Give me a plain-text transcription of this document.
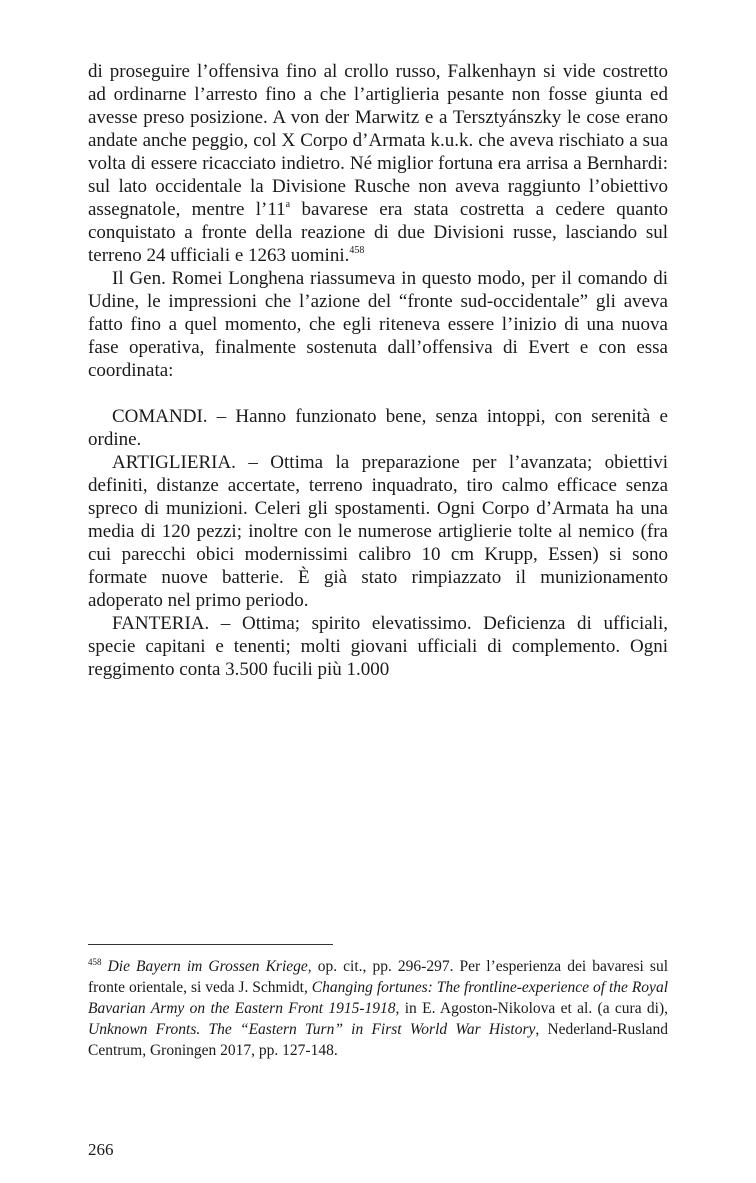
di proseguire l’offensiva fino al crollo russo, Falkenhayn si vide costretto ad ordinarne l’arresto fino a che l’artiglieria pesante non fosse giunta ed avesse preso posizione. A von der Marwitz e a Tersztyánszky le cose erano andate anche peggio, col X Corpo d’Armata k.u.k. che aveva rischiato a sua volta di essere ricacciato indietro. Né miglior fortuna era arrisa a Bernhardi: sul lato occidentale la Divisione Rusche non aveva raggiunto l’obiettivo assegnatole, mentre l’11$^a$ bavarese era stata costretta a cedere quanto conquistato a fronte della reazione di due Divisioni russe, lasciando sul terreno 24 ufficiali e 1263 uomini.$^{458}$

Il Gen. Romei Longhena riassumeva in questo modo, per il comando di Udine, le impressioni che l’azione del “fronte sud-occidentale” gli aveva fatto fino a quel momento, che egli riteneva essere l’inizio di una nuova fase operativa, finalmente sostenuta dall’offensiva di Evert e con essa coordinata:

COMANDI. – Hanno funzionato bene, senza intoppi, con serenità e ordine.

ARTIGLIERIA. – Ottima la preparazione per l’avanzata; obiettivi definiti, distanze accertate, terreno inquadrato, tiro calmo efficace senza spreco di munizioni. Celeri gli spostamenti. Ogni Corpo d’Armata ha una media di 120 pezzi; inoltre con le numerose artiglierie tolte al nemico (fra cui parecchi obici modernissimi calibro 10 cm Krupp, Essen) si sono formate nuove batterie. È già stato rimpiazzato il munizionamento adoperato nel primo periodo.

FANTERIA. – Ottima; spirito elevatissimo. Deficienza di ufficiali, specie capitani e tenenti; molti giovani ufficiali di complemento. Ogni reggimento conta 3.500 fucili più 1.000

$^{458}$ Die Bayern im Grossen Kriege, op. cit., pp. 296-297. Per l’esperienza dei bavaresi sul fronte orientale, si veda J. Schmidt, Changing fortunes: The frontline-experience of the Royal Bavarian Army on the Eastern Front 1915-1918, in E. Agoston-Nikolova et al. (a cura di), Unknown Fronts. The “Eastern Turn” in First World War History, Nederland-Rusland Centrum, Groningen 2017, pp. 127-148.

266
